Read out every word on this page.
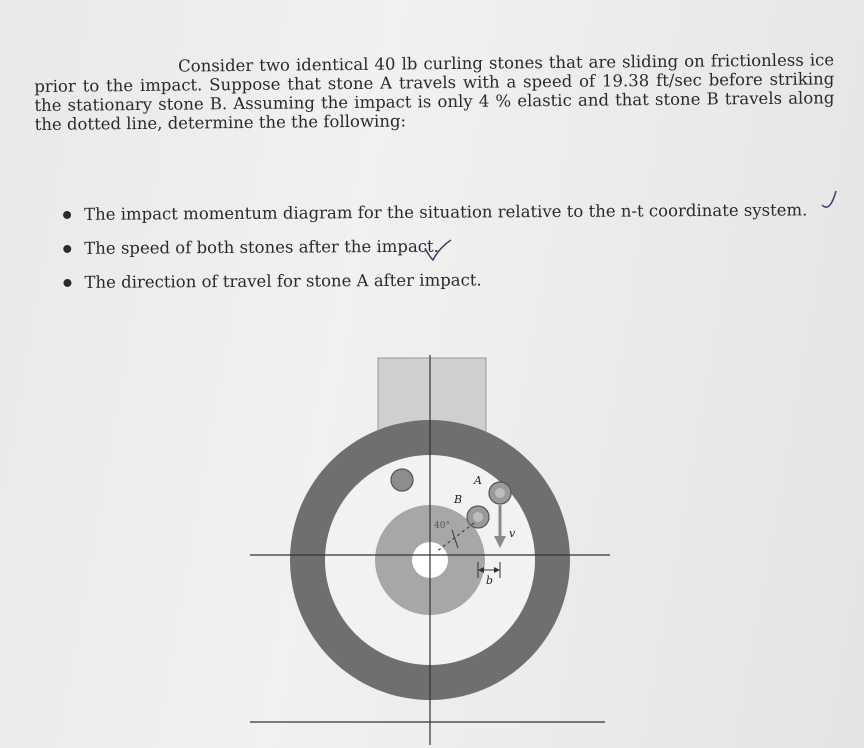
Consider two identical 40 lb curling stones that are sliding on frictionless ice prior to the impact. Suppose that stone A travels with a speed of 19.38 ft/sec before striking the stationary stone B. Assuming the impact is only 4 % elastic and that stone B travels along the dotted line, determine the the following:

The impact momentum diagram for the situation relative to the n-t coordinate system.
The speed of both stones after the impact.
The direction of travel for stone A after impact.
A
B
v
b
40°
